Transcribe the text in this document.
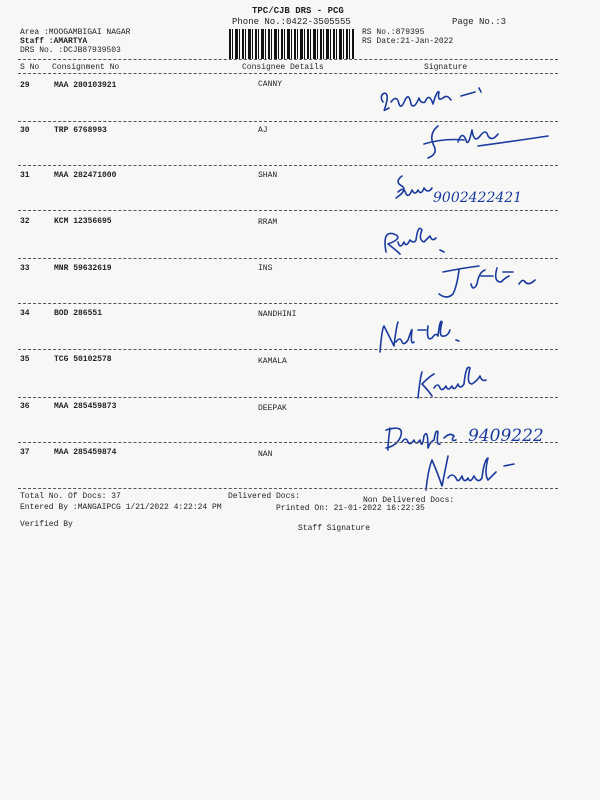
TPC/CJB DRS - PCG
Phone No.:0422-3505555	Page No.:3
Area :MOOGAMBIGAI NAGAR
Staff :AMARTYA
DRS No. :DCJB87939503
RS No.:879395
RS Date:21-Jan-2022
S No Consignment No	Consignee Details	Signature
29	MAA 280103921	CANNY
30	TRP 6768993	AJ
31	MAA 282471000	SHAN
9002422421
32	KCM 12356695	RRAM
33	MNR 59632619	INS
34	BOD 286551	NANDHINI
35	TCG 50102578	KAMALA
36	MAA 285459873	DEEPAK
9409222
37	MAA 285459874	NAN
Total No. Of Docs: 37	Delivered Docs:	Non Delivered Docs:
Entered By :MANGAIPCG 1/21/2022 4:22:24 PM	Printed On: 21-01-2022 16:22:35
Verified By	Staff Signature
